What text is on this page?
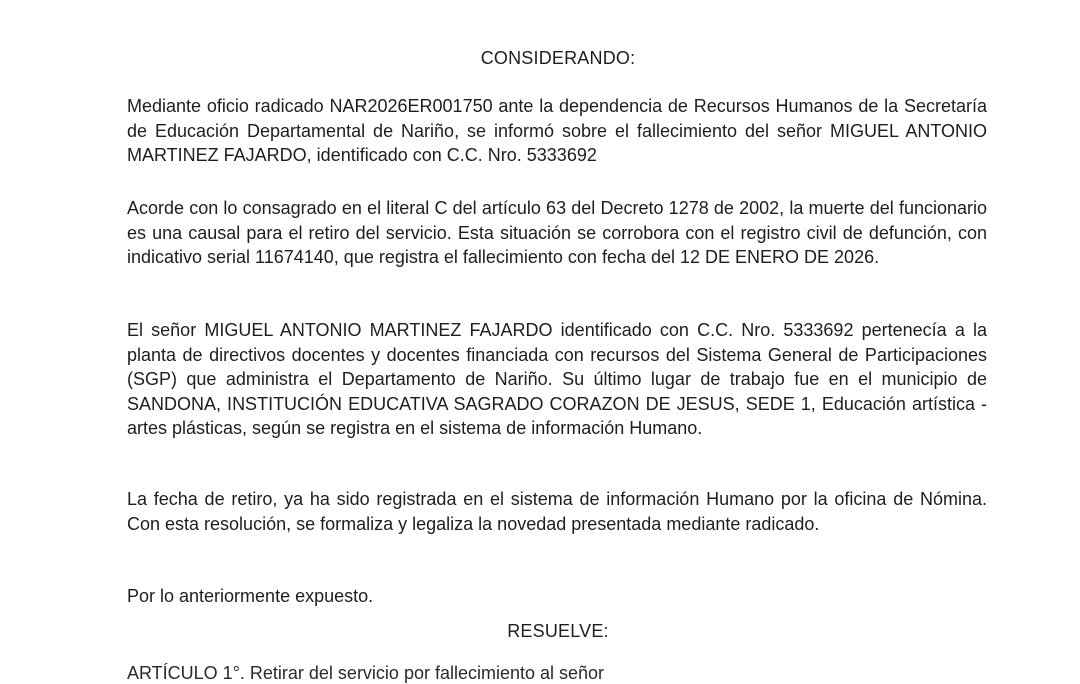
CONSIDERANDO:

Mediante oficio radicado NAR2026ER001750 ante la dependencia de Recursos Humanos de la Secretaría de Educación Departamental de Nariño, se informó sobre el fallecimiento del señor MIGUEL ANTONIO MARTINEZ FAJARDO, identificado con C.C. Nro. 5333692

Acorde con lo consagrado en el literal C del artículo 63 del Decreto 1278 de 2002, la muerte del funcionario es una causal para el retiro del servicio. Esta situación se corrobora con el registro civil de defunción, con indicativo serial 11674140, que registra el fallecimiento con fecha del 12 DE ENERO DE 2026.

El señor MIGUEL ANTONIO MARTINEZ FAJARDO identificado con C.C. Nro. 5333692 pertenecía a la planta de directivos docentes y docentes financiada con recursos del Sistema General de Participaciones (SGP) que administra el Departamento de Nariño. Su último lugar de trabajo fue en el municipio de SANDONA, INSTITUCIÓN EDUCATIVA SAGRADO CORAZON DE JESUS, SEDE 1, Educación artística - artes plásticas, según se registra en el sistema de información Humano.

La fecha de retiro, ya ha sido registrada en el sistema de información Humano por la oficina de Nómina. Con esta resolución, se formaliza y legaliza la novedad presentada mediante radicado.

Por lo anteriormente expuesto.

RESUELVE:
ARTÍCULO 1°. Retirar del servicio por fallecimiento al señor
